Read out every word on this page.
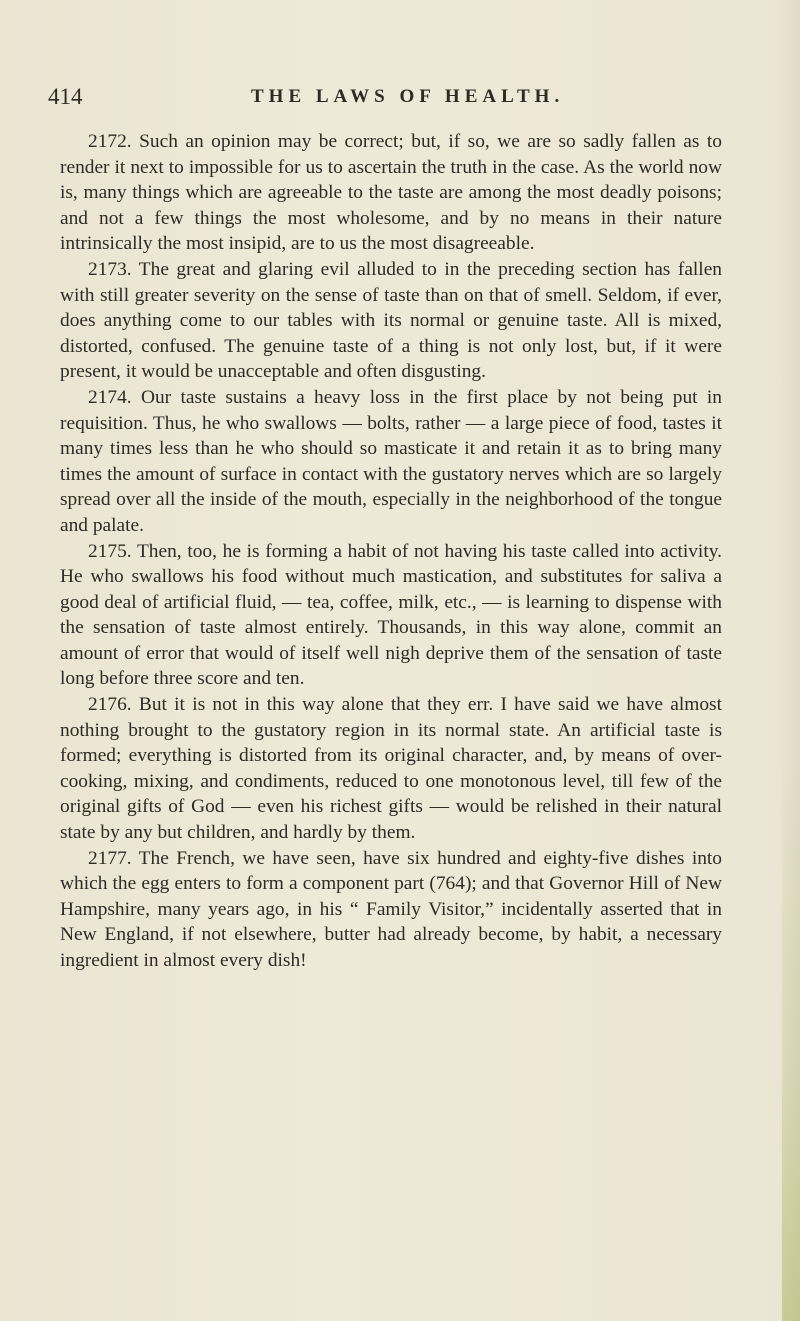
414	THE LAWS OF HEALTH.

2172. Such an opinion may be correct; but, if so, we are so sadly fallen as to render it next to impossible for us to ascertain the truth in the case. As the world now is, many things which are agreeable to the taste are among the most deadly poisons; and not a few things the most wholesome, and by no means in their nature intrinsically the most insipid, are to us the most disagreeable.

2173. The great and glaring evil alluded to in the preceding section has fallen with still greater severity on the sense of taste than on that of smell. Seldom, if ever, does anything come to our tables with its normal or genuine taste. All is mixed, distorted, confused. The genuine taste of a thing is not only lost, but, if it were present, it would be unacceptable and often disgusting.

2174. Our taste sustains a heavy loss in the first place by not being put in requisition. Thus, he who swallows — bolts, rather — a large piece of food, tastes it many times less than he who should so masticate it and retain it as to bring many times the amount of surface in contact with the gustatory nerves which are so largely spread over all the inside of the mouth, especially in the neighborhood of the tongue and palate.

2175. Then, too, he is forming a habit of not having his taste called into activity. He who swallows his food without much mastication, and substitutes for saliva a good deal of artificial fluid, — tea, coffee, milk, etc., — is learning to dispense with the sensation of taste almost entirely. Thousands, in this way alone, commit an amount of error that would of itself well nigh deprive them of the sensation of taste long before three score and ten.

2176. But it is not in this way alone that they err. I have said we have almost nothing brought to the gustatory region in its normal state. An artificial taste is formed; everything is distorted from its original character, and, by means of over-cooking, mixing, and condiments, reduced to one monotonous level, till few of the original gifts of God — even his richest gifts — would be relished in their natural state by any but children, and hardly by them.

2177. The French, we have seen, have six hundred and eighty-five dishes into which the egg enters to form a component part (764); and that Governor Hill of New Hampshire, many years ago, in his “ Family Visitor,” incidentally asserted that in New England, if not elsewhere, butter had already become, by habit, a necessary ingredient in almost every dish!
